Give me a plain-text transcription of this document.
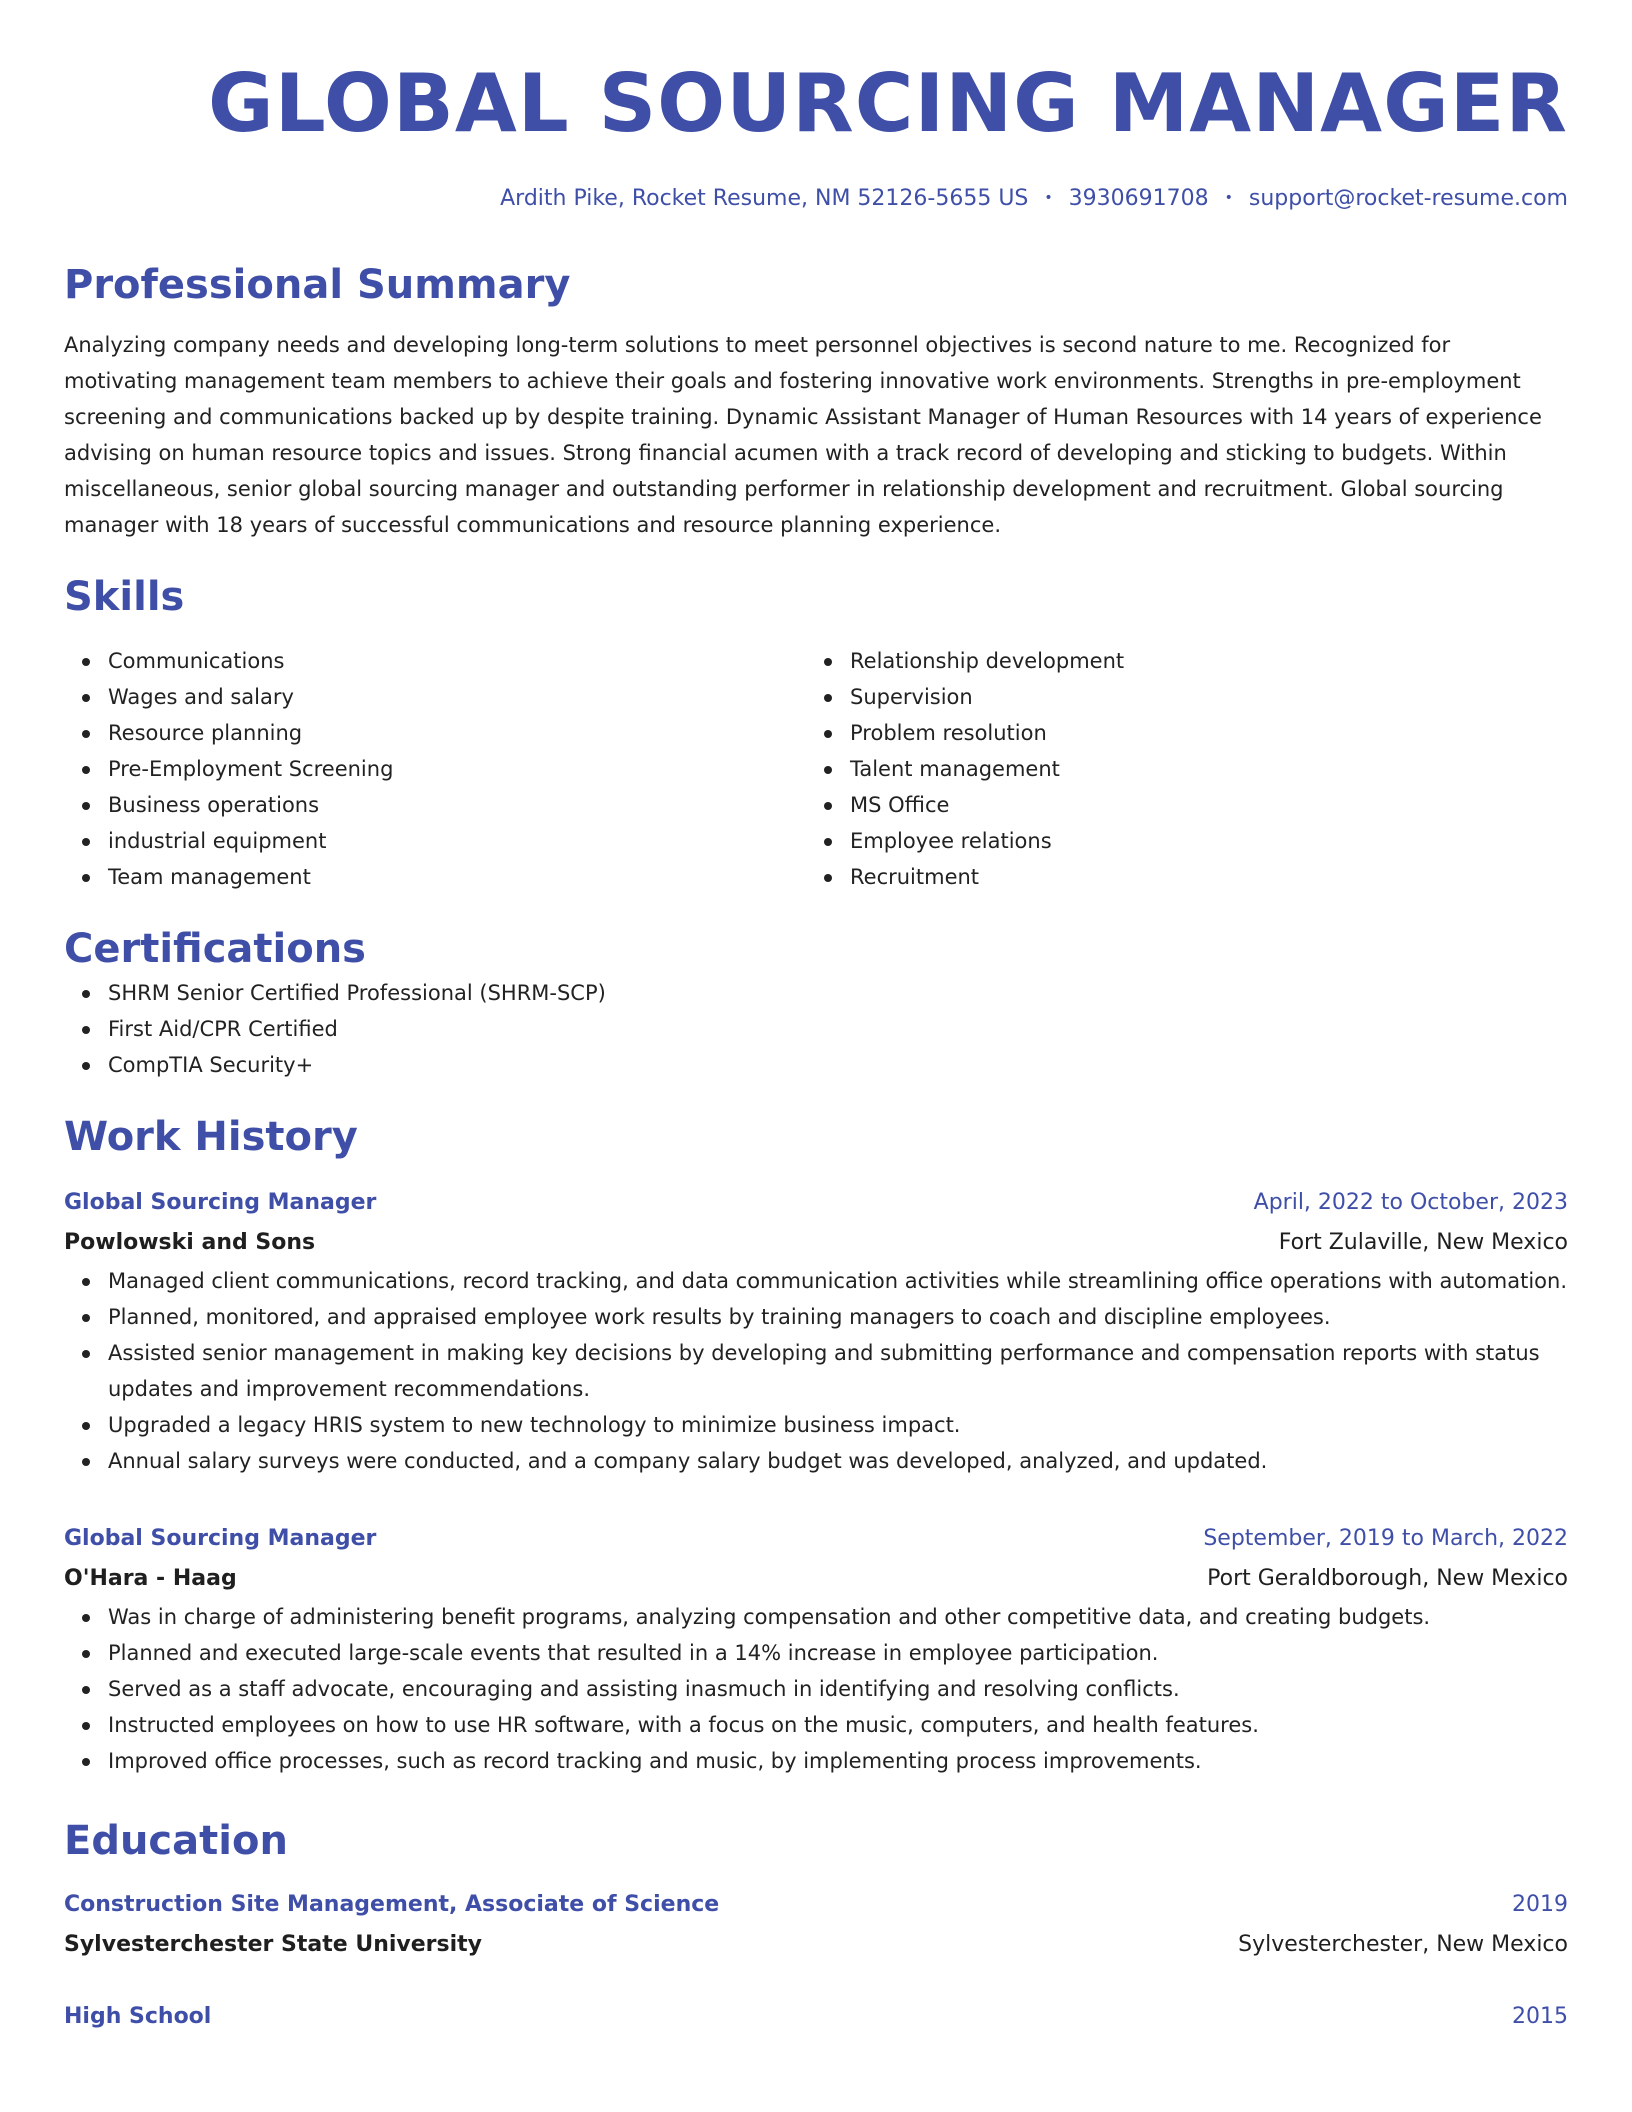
GLOBAL SOURCING MANAGER
Ardith Pike, Rocket Resume, NM 52126-5655 US • 3930691708 • support@rocket-resume.com
Professional Summary

Analyzing company needs and developing long-term solutions to meet personnel objectives is second nature to me. Recognized for motivating management team members to achieve their goals and fostering innovative work environments. Strengths in pre-employment screening and communications backed up by despite training. Dynamic Assistant Manager of Human Resources with 14 years of experience advising on human resource topics and issues. Strong financial acumen with a track record of developing and sticking to budgets. Within miscellaneous, senior global sourcing manager and outstanding performer in relationship development and recruitment. Global sourcing manager with 18 years of successful communications and resource planning experience.

Skills
Communications
Wages and salary
Resource planning
Pre-Employment Screening
Business operations
industrial equipment
Team management
Relationship development
Supervision
Problem resolution
Talent management
MS Office
Employee relations
Recruitment
Certifications
SHRM Senior Certified Professional (SHRM-SCP)
First Aid/CPR Certified
CompTIA Security+
Work History
Global Sourcing Manager	April, 2022 to October, 2023
Powlowski and Sons	Fort Zulaville, New Mexico
Managed client communications, record tracking, and data communication activities while streamlining office operations with automation.
Planned, monitored, and appraised employee work results by training managers to coach and discipline employees.
Assisted senior management in making key decisions by developing and submitting performance and compensation reports with status updates and improvement recommendations.
Upgraded a legacy HRIS system to new technology to minimize business impact.
Annual salary surveys were conducted, and a company salary budget was developed, analyzed, and updated.
Global Sourcing Manager	September, 2019 to March, 2022
O'Hara - Haag	Port Geraldborough, New Mexico
Was in charge of administering benefit programs, analyzing compensation and other competitive data, and creating budgets.
Planned and executed large-scale events that resulted in a 14% increase in employee participation.
Served as a staff advocate, encouraging and assisting inasmuch in identifying and resolving conflicts.
Instructed employees on how to use HR software, with a focus on the music, computers, and health features.
Improved office processes, such as record tracking and music, by implementing process improvements.
Education
Construction Site Management, Associate of Science	2019
Sylvesterchester State University	Sylvesterchester, New Mexico
High School	2015
